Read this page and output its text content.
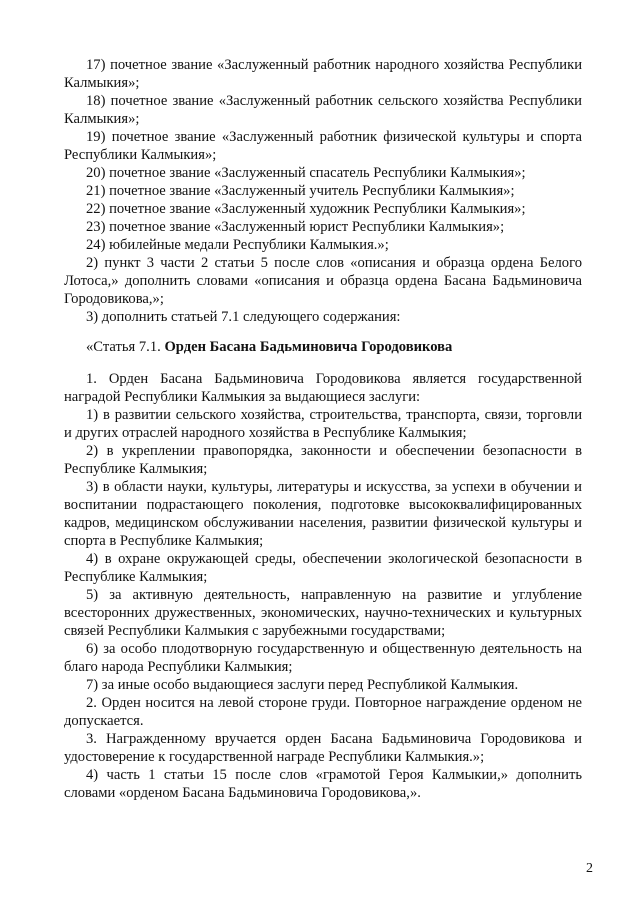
17) почетное звание «Заслуженный работник народного хозяйства Республики Калмыкия»;

18) почетное звание «Заслуженный работник сельского хозяйства Республики Калмыкия»;

19) почетное звание «Заслуженный работник физической культуры и спорта Республики Калмыкия»;

20) почетное звание «Заслуженный спасатель Республики Калмыкия»;

21) почетное звание «Заслуженный учитель Республики Калмыкия»;

22) почетное звание «Заслуженный художник Республики Калмыкия»;

23) почетное звание «Заслуженный юрист Республики Калмыкия»;

24) юбилейные медали Республики Калмыкия.»;

2) пункт 3 части 2 статьи 5 после слов «описания и образца ордена Белого Лотоса,» дополнить словами «описания и образца ордена Басана Бадьминовича Городовикова,»;

3) дополнить статьей 7.1 следующего содержания:

«Статья 7.1. Орден Басана Бадьминовича Городовикова

1. Орден Басана Бадьминовича Городовикова является государственной наградой Республики Калмыкия за выдающиеся заслуги:

1) в развитии сельского хозяйства, строительства, транспорта, связи, торговли и других отраслей народного хозяйства в Республике Калмыкия;

2) в укреплении правопорядка, законности и обеспечении безопасности в Республике Калмыкия;

3) в области науки, культуры, литературы и искусства, за успехи в обучении и воспитании подрастающего поколения, подготовке высококвалифицированных кадров, медицинском обслуживании населения, развитии физической культуры и спорта в Республике Калмыкия;

4) в охране окружающей среды, обеспечении экологической безопасности в Республике Калмыкия;

5) за активную деятельность, направленную на развитие и углубление всесторонних дружественных, экономических, научно-технических и культурных связей Республики Калмыкия с зарубежными государствами;

6) за особо плодотворную государственную и общественную деятельность на благо народа Республики Калмыкия;

7) за иные особо выдающиеся заслуги перед Республикой Калмыкия.

2. Орден носится на левой стороне груди. Повторное награждение орденом не допускается.

3. Награжденному вручается орден Басана Бадьминовича Городовикова и удостоверение к государственной награде Республики Калмыкия.»;

4) часть 1 статьи 15 после слов «грамотой Героя Калмыкии,» дополнить словами «орденом Басана Бадьминовича Городовикова,».

2
